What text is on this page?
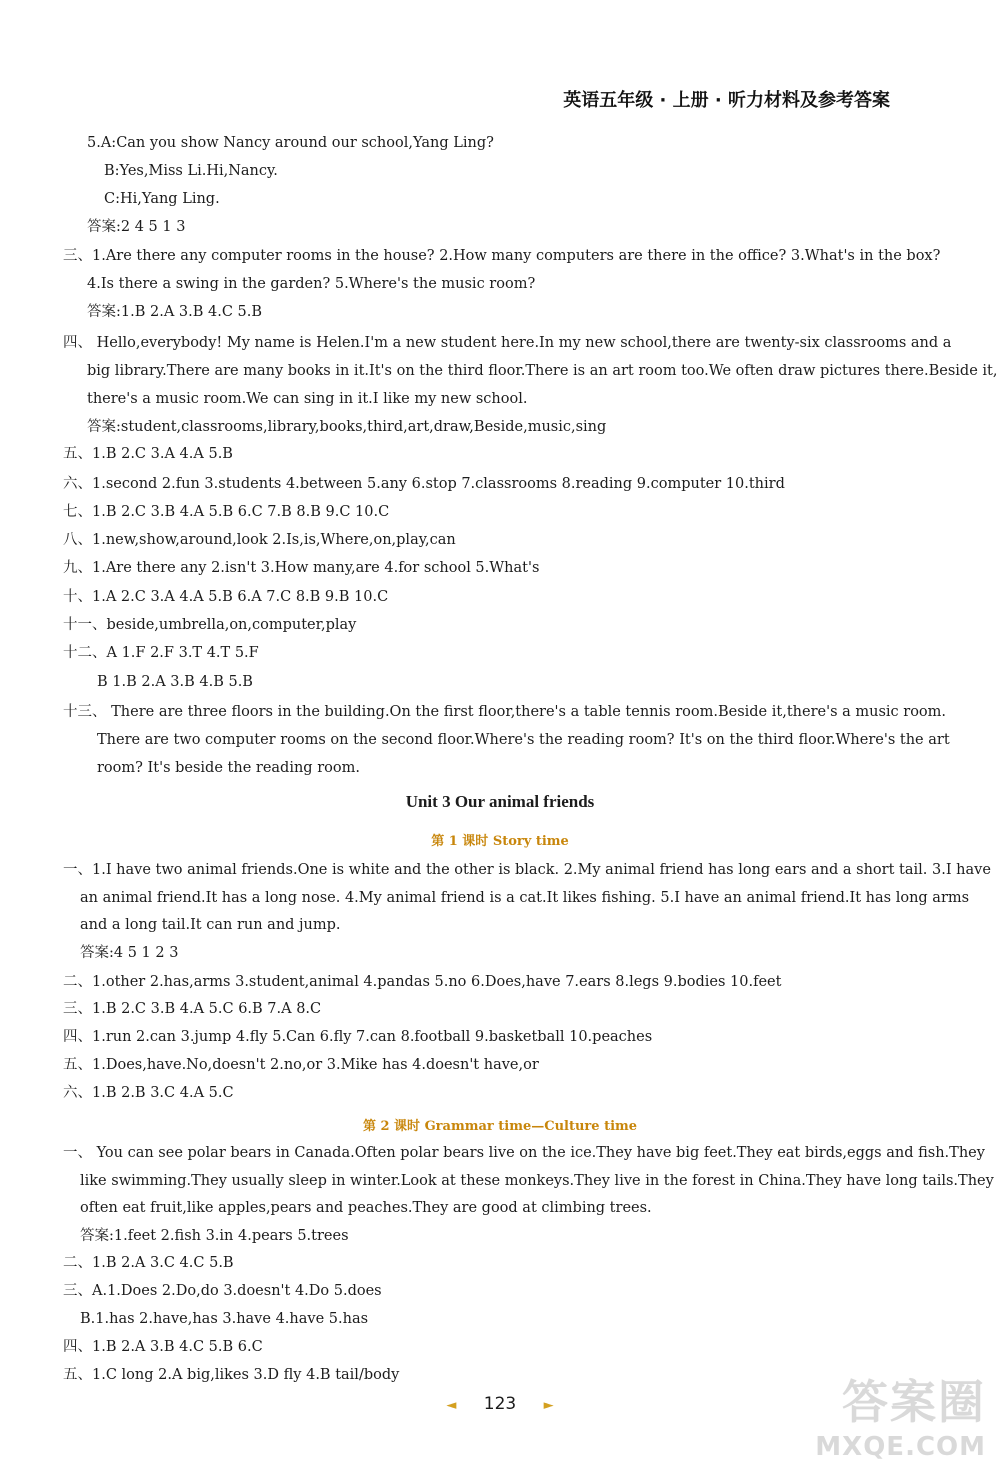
英语五年级 · 上册 · 听力材料及参考答案
5.A:Can you show Nancy around our school,Yang Ling?
B:Yes,Miss Li.Hi,Nancy.
C:Hi,Yang Ling.
答案:2 4 5 1 3
三、1.Are there any computer rooms in the house? 2.How many computers are there in the office? 3.What's in the box?
4.Is there a swing in the garden? 5.Where's the music room?
答案:1.B 2.A 3.B 4.C 5.B
四、 Hello,everybody! My name is Helen.I'm a new student here.In my new school,there are twenty-six classrooms and a
big library.There are many books in it.It's on the third floor.There is an art room too.We often draw pictures there.Beside it,
there's a music room.We can sing in it.I like my new school.
答案:student,classrooms,library,books,third,art,draw,Beside,music,sing
五、1.B 2.C 3.A 4.A 5.B
六、1.second 2.fun 3.students 4.between 5.any 6.stop 7.classrooms 8.reading 9.computer 10.third
七、1.B 2.C 3.B 4.A 5.B 6.C 7.B 8.B 9.C 10.C
八、1.new,show,around,look 2.Is,is,Where,on,play,can
九、1.Are there any 2.isn't 3.How many,are 4.for school 5.What's
十、1.A 2.C 3.A 4.A 5.B 6.A 7.C 8.B 9.B 10.C
十一、beside,umbrella,on,computer,play
十二、A 1.F 2.F 3.T 4.T 5.F
B 1.B 2.A 3.B 4.B 5.B
十三、 There are three floors in the building.On the first floor,there's a table tennis room.Beside it,there's a music room.
There are two computer rooms on the second floor.Where's the reading room? It's on the third floor.Where's the art
room? It's beside the reading room.
一、1.I have two animal friends.One is white and the other is black. 2.My animal friend has long ears and a short tail. 3.I have
an animal friend.It has a long nose. 4.My animal friend is a cat.It likes fishing. 5.I have an animal friend.It has long arms
and a long tail.It can run and jump.
答案:4 5 1 2 3
二、1.other 2.has,arms 3.student,animal 4.pandas 5.no 6.Does,have 7.ears 8.legs 9.bodies 10.feet
三、1.B 2.C 3.B 4.A 5.C 6.B 7.A 8.C
四、1.run 2.can 3.jump 4.fly 5.Can 6.fly 7.can 8.football 9.basketball 10.peaches
五、1.Does,have.No,doesn't 2.no,or 3.Mike has 4.doesn't have,or
六、1.B 2.B 3.C 4.A 5.C
一、 You can see polar bears in Canada.Often polar bears live on the ice.They have big feet.They eat birds,eggs and fish.They
like swimming.They usually sleep in winter.Look at these monkeys.They live in the forest in China.They have long tails.They
often eat fruit,like apples,pears and peaches.They are good at climbing trees.
答案:1.feet 2.fish 3.in 4.pears 5.trees
二、1.B 2.A 3.C 4.C 5.B
三、A.1.Does 2.Do,do 3.doesn't 4.Do 5.does
B.1.has 2.have,has 3.have 4.have 5.has
四、1.B 2.A 3.B 4.C 5.B 6.C
五、1.C long 2.A big,likes 3.D fly 4.B tail/body
Unit 3 Our animal friends
第 1 课时 Story time
第 2 课时 Grammar time—Culture time
◄ 123 ►	答案圈
MXQE.COM
